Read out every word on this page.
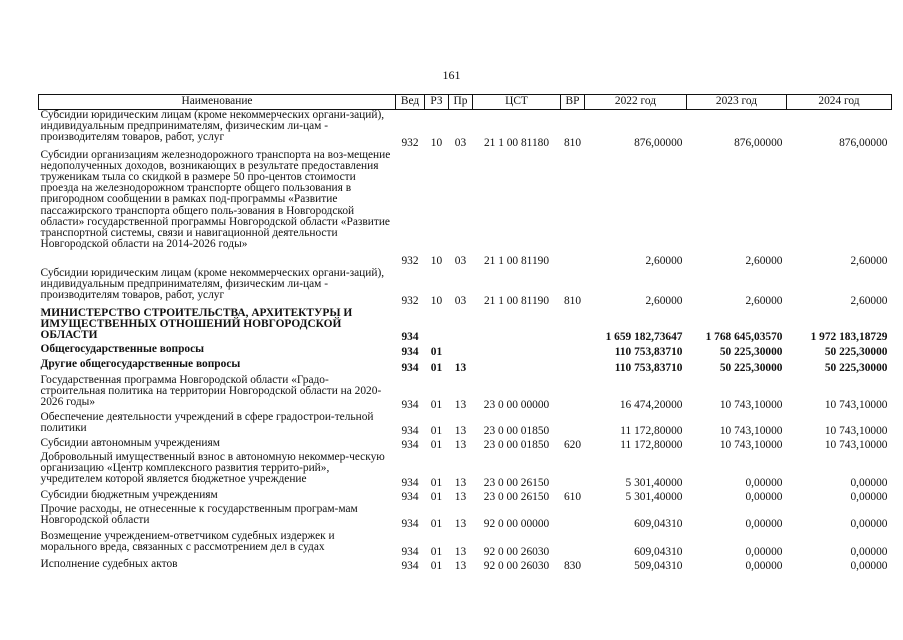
161
Наименование	Вед	РЗ	Пр	ЦСТ	ВР	2022 год	2023 год	2024 год
Субсидии юридическим лицам (кроме некоммерческих органи-заций), индивидуальным предпринимателям, физическим ли-цам - производителям товаров, работ, услуг	932	10	03	21 1 00 81180	810	876,00000	876,00000	876,00000
Субсидии организациям железнодорожного транспорта на воз-мещение недополученных доходов, возникающих в результате предоставления труженикам тыла со скидкой в размере 50 про-центов стоимости проезда на железнодорожном транспорте общего пользования в пригородном сообщении в рамках под-программы «Развитие пассажирского транспорта общего поль-зования в Новгородской области» государственной программы Новгородской области «Развитие транспортной системы, связи и навигационной деятельности Новгородской области на 2014-2026 годы»	932	10	03	21 1 00 81190		2,60000	2,60000	2,60000
Субсидии юридическим лицам (кроме некоммерческих органи-заций), индивидуальным предпринимателям, физическим ли-цам - производителям товаров, работ, услуг	932	10	03	21 1 00 81190	810	2,60000	2,60000	2,60000
МИНИСТЕРСТВО СТРОИТЕЛЬСТВА, АРХИТЕКТУРЫ И ИМУЩЕСТВЕННЫХ ОТНОШЕНИЙ НОВГОРОДСКОЙ ОБЛАСТИ	934					1 659 182,73647	1 768 645,03570	1 972 183,18729
Общегосударственные вопросы	934	01				110 753,83710	50 225,30000	50 225,30000
Другие общегосударственные вопросы	934	01	13			110 753,83710	50 225,30000	50 225,30000
Государственная программа Новгородской области «Градо-строительная политика на территории Новгородской области на 2020-2026 годы»	934	01	13	23 0 00 00000		16 474,20000	10 743,10000	10 743,10000
Обеспечение деятельности учреждений в сфере градострои-тельной политики	934	01	13	23 0 00 01850		11 172,80000	10 743,10000	10 743,10000
Субсидии автономным учреждениям	934	01	13	23 0 00 01850	620	11 172,80000	10 743,10000	10 743,10000
Добровольный имущественный взнос в автономную некоммер-ческую организацию «Центр комплексного развития террито-рий», учредителем которой является бюджетное учреждение	934	01	13	23 0 00 26150		5 301,40000	0,00000	0,00000
Субсидии бюджетным учреждениям	934	01	13	23 0 00 26150	610	5 301,40000	0,00000	0,00000
Прочие расходы, не отнесенные к государственным програм-мам Новгородской области	934	01	13	92 0 00 00000		609,04310	0,00000	0,00000
Возмещение учреждением-ответчиком судебных издержек и морального вреда, связанных с рассмотрением дел в судах	934	01	13	92 0 00 26030		609,04310	0,00000	0,00000
Исполнение судебных актов	934	01	13	92 0 00 26030	830	509,04310	0,00000	0,00000
